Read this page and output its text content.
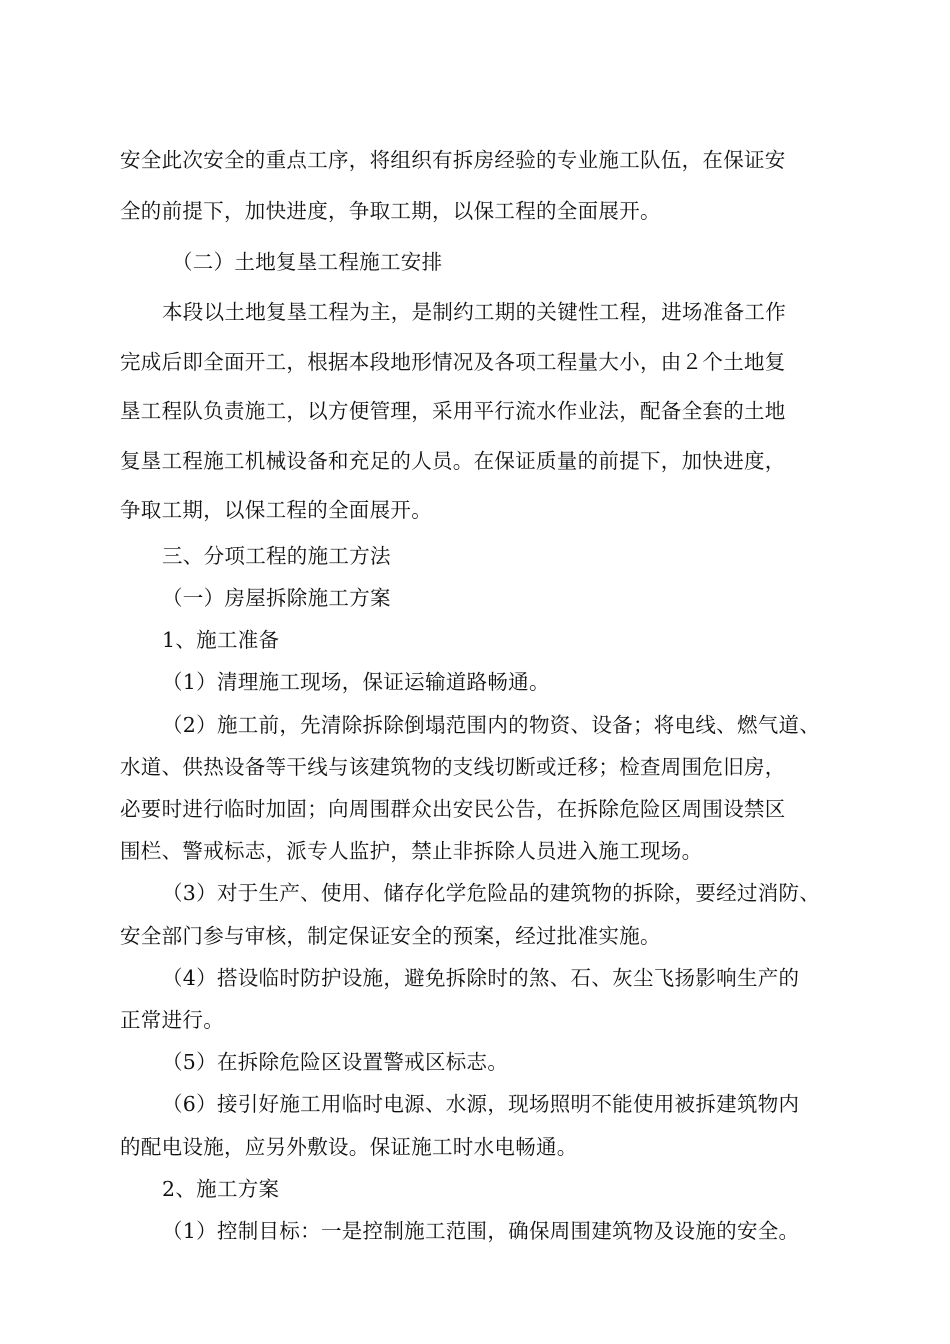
安全此次安全的重点工序，将组织有拆房经验的专业施工队伍，在保证安
全的前提下，加快进度，争取工期，以保工程的全面展开。
（二）土地复垦工程施工安排
本段以土地复垦工程为主，是制约工期的关键性工程，进场准备工作
完成后即全面开工，根据本段地形情况及各项工程量大小，由２个土地复
垦工程队负责施工，以方便管理，采用平行流水作业法，配备全套的土地
复垦工程施工机械设备和充足的人员。在保证质量的前提下，加快进度，
争取工期，以保工程的全面展开。
三、分项工程的施工方法
（一）房屋拆除施工方案
1、施工准备
（1）清理施工现场，保证运输道路畅通。
（2）施工前，先清除拆除倒塌范围内的物资、设备；将电线、燃气道、
水道、供热设备等干线与该建筑物的支线切断或迁移；检查周围危旧房，
必要时进行临时加固；向周围群众出安民公告，在拆除危险区周围设禁区
围栏、警戒标志，派专人监护，禁止非拆除人员进入施工现场。
（3）对于生产、使用、储存化学危险品的建筑物的拆除，要经过消防、
安全部门参与审核，制定保证安全的预案，经过批准实施。
（4）搭设临时防护设施，避免拆除时的煞、石、灰尘飞扬影响生产的
正常进行。
（5）在拆除危险区设置警戒区标志。
（6）接引好施工用临时电源、水源，现场照明不能使用被拆建筑物内
的配电设施，应另外敷设。保证施工时水电畅通。
2、施工方案
（1）控制目标：一是控制施工范围，确保周围建筑物及设施的安全。
